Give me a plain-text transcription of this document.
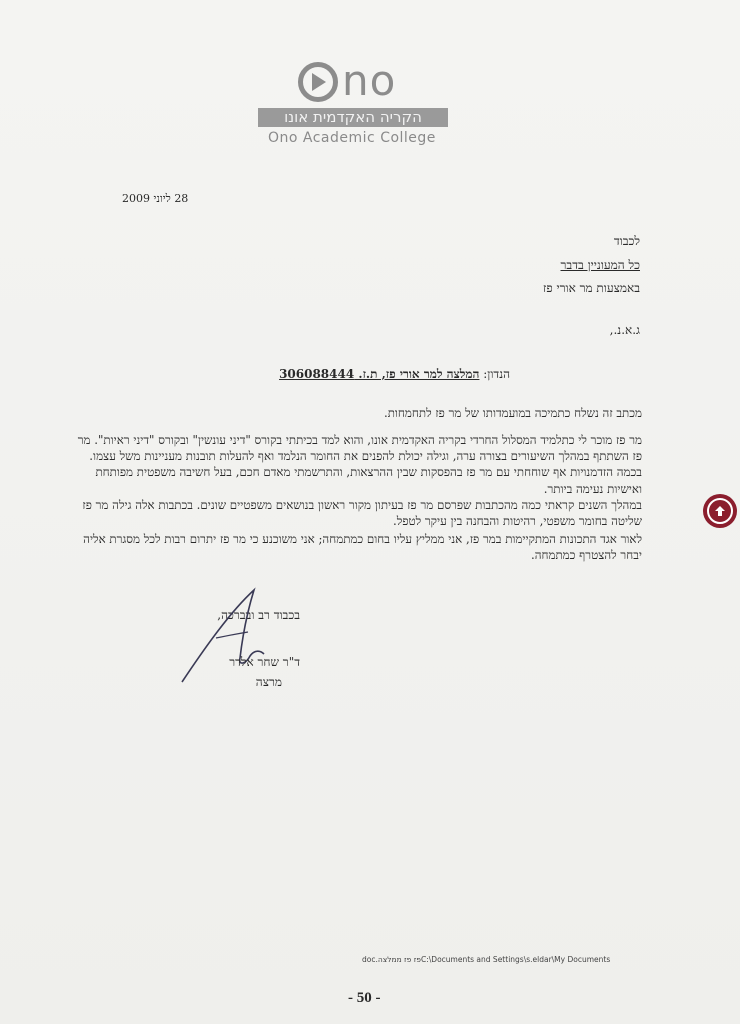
no
הקריה האקדמית אונו
Ono Academic College
28 ליוני 2009
לכבוד
כל המעוניין בדבר
באמצעות מר אורי פז
ג.א.נ.,
הנדון: המלצה למר אורי פז, ת.ז. 306088444
מכתב זה נשלח כתמיכה במועמדותו של מר פז לתחמחות.
מר פז מוכר לי כתלמיד המסלול החרדי בקריה האקדמית אונו, והוא למד בכיתתי בקורס "דיני עונשין" ובקורס "דיני ראיות". מר פז השתתף במהלך השיעורים בצורה ערה, וגילה יכולת להפנים את החומר הנלמד ואף להעלות תובנות מעניינות משל עצמו. בכמה הזדמנויות אף שוחחתי עם מר פז בהפסקות שבין ההרצאות, והתרשמתי מאדם חכם, בעל חשיבה משפטית מפותחת ואישיות נעימה ביותר.
במהלך השנים קראתי כמה מהכתבות שפרסם מר פז בעיתון מקור ראשון בנושאים משפטיים שונים. בכתבות אלה גילה מר פז שליטה בחומר משפטי, רהיטות והבחנה בין עיקר לטפל.
לאור אגד התכונות המתקיימות במר פז, אני ממליץ עליו בחום כמתמחה; אני משוכנע כי מר פז יתרום רבות לכל מסגרת אליה יבחר להצטרף כמתמחה.
בכבוד רב ובברכה,
ד"ר שחר אלדר
מרצה
doc.פז פז ממלצהC:\Documents and Settings\s.eldar\My Documents
- 50 -
